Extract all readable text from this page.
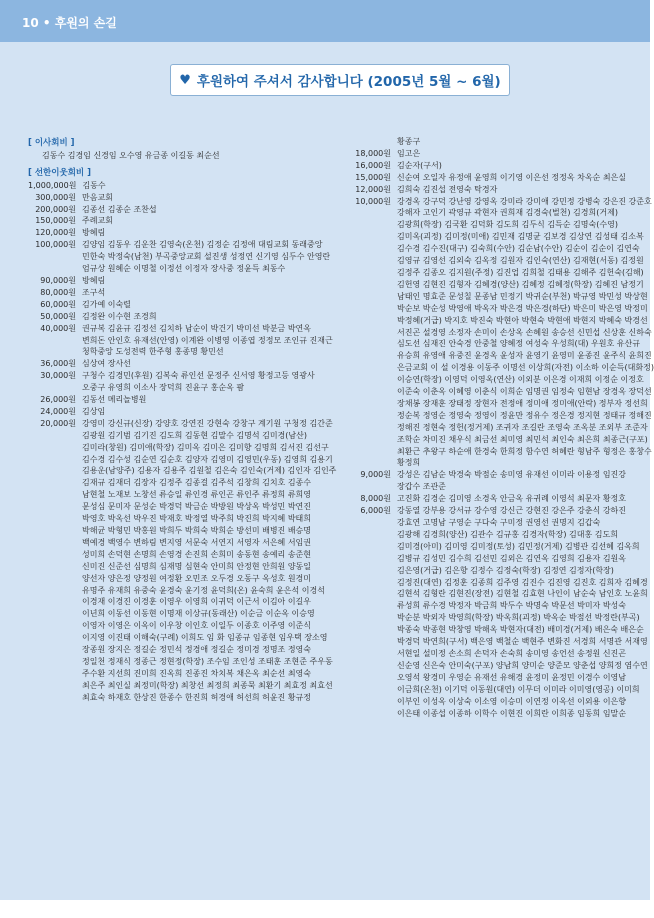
10 • 후원의 손길
♥ 후원하여 주셔서 감사합니다 (2005년 5월 ~ 6월)
[ 이사회비 ]
김동수 김경임 신경임 오수영 유금종 이길동 최순선
[ 선한이웃회비 ]
1,000,000원 김동수
300,000원 만음교회
200,000원 김종선 김종순 조찬섭
150,000원 주례교회
120,000원 방혜림
100,000원 김양임 김동우 김운찬 김영숙(온천) 김정순 김정애 대림교회 동래중앙
민한숙 박정숙(남천) 부곡중앙교회 설진생 성정연 신기영 심두수 안영란
엄규상 원혜순 이명철 이정선 이정자 장사중 정윤득 최동수
90,000원 방혜림
80,000원 조구석
60,000원 김가예 이숙렬
50,000원 김정완 이수현 조경희
40,000원 권규복 김윤규 김정선 김치하 남순이 박건기 박미선 박분금 박연옥
변희돈 안인호 유재선(안영) 이계완 이병영 이종엽 정정모 조인규 진재근
청학중앙 도성전력 한주형 홍종명 황민선
36,000원 심상여 장사선
30,000원 구청수 김경민(후원) 김복숙 류인선 문정주 신서영 황정고등 영광사
오중구 유영희 이소사 장덕희 진윤구 홍순옥 팜
26,000원 김동선 메리놀병원
24,000원 김상임
20,000원 강영미 강신규(신장) 강양호 강연진 강현숙 강창구 계기원 구청정 김간준
김광원 김기범 김기진 김도희 김동현 김말수 김명석 김미경(남산)
김미라(창원) 김미애(학장) 김미옥 김미은 김미향 김명희 김서진 김선구
김수경 김수성 김순연 김순호 김양자 김영미 김영민(우동) 김영희 김용기
김용운(남양주) 김용자 김용주 김원철 김은숙 김인숙(거제) 김인자 김인주
김재규 김재더 김장자 김정주 김종걸 김주석 김창희 김치호 김종수
남현철 노재보 노창선 류승일 류인경 류인곤 류인주 류정희 류희영
문성심 문미자 문성순 박경덕 박금순 박방원 박상옥 박성민 박연진
박영호 박옥선 박우진 박재호 박정열 박주희 박진희 박지혜 박태희
박해균 박형민 박홍원 박희두 박희숙 박희순 방선미 배병진 배승명
백예경 백영수 변하림 변지영 서문숙 서연지 서영자 서은혜 서임권
성미희 손덕현 손명희 손영경 손진희 손희미 송동현 송예리 송준현
신미진 신준선 심명희 심재명 심현숙 안미희 안정현 안희원 양동일
양선자 양은정 양정원 여정환 오민조 오두경 오동구 옥성호 원경미
유명주 유재희 유중숙 윤경숙 윤기정 윤덕희(온) 윤숙희 윤은석 이경석
이경재 이경진 이경훈 이영우 이영희 이귀덕 이근서 이김아 이길우
이년희 이동선 이동현 이명재 이상규(동래산) 이순금 이순옥 이승영
이영자 이영은 이옥이 이우창 이인호 이일두 이종호 이주영 이준식
이지영 이진태 이해숙(구례) 이희도 임 화 임종규 임종현 임우택 장소영
장종원 장지은 정길순 정민석 정경애 정길순 정미경 정명조 정영숙
정일천 정재식 정종근 정현정(학장) 조수임 조인성 조태훈 조현준 주우동
주수환 지선희 진미희 진옥희 진종진 차치복 채은옥 최순선 최영숙
최은주 최인실 최정미(학장) 최창선 최정희 최종묵 최환기 최효정 최효선
최효숙 하재호 한상진 한종수 한진희 허경애 허선희 허윤진 황규정
황종구
18,000원 임고은
16,000원 김순자(구서)
15,000원 신순여 오일자 유정애 윤영희 이기영 이은선 정정옥 차옥순 최은실
12,000원 김희숙 김진섭 전영숙 탁경자
10,000원 강경옥 강구덕 강난영 강영옥 강미라 강미애 강민정 강병숙 강은진 강준호
강해자 고인기 곽영규 곽현자 권희재 김경숙(벌천) 김경희(거제)
김광희(학장) 김국환 김덕화 김도희 김두식 김득순 김명숙(수영)
김미옥(괴정) 김미정(미애) 김민재 김명균 김보경 김상연 김성태 김소복
김수경 김수진(대구) 김숙희(수안) 김순남(수안) 김순이 김순이 김연숙
김영규 김영선 김외숙 김옥정 김원자 김인숙(연산) 김재현(서동) 김정원
김정주 김종오 김지원(주정) 김진업 김희철 김태용 김해주 김헌숙(김해)
김헌영 김현진 김형자 김혜경(양산) 김혜정 김혜정(학장) 김혜진 남정기
남태인 명효준 문성칠 문종남 민정기 박귀순(부천) 박규영 박민성 박상현
박순보 박순성 박영애 박옥자 박은경 박은경(하단) 박은미 박은영 박정미
박정혜(거급) 박지호 박진숙 박현아 박현숙 박현애 박현지 박혜숙 박경선
서진곤 설경영 소정자 손미이 손상옥 손혜원 송승선 신민섭 신상훈 신하숙
심도선 심재진 안숙경 안중철 양혜정 여성숙 우성희(대) 우원호 유산규
유승희 유영애 유중진 윤경옥 윤성자 윤영기 윤영미 윤종진 윤주식 윤희진
은금교회 이 설 이경용 이동주 이명선 이상희(자전) 이소하 이순득(대화정)
이승연(학장) 이영덕 이영옥(연산) 이외분 이은경 이재희 이정순 이정호
이준숙 이춘옥 이혜영 이춘식 이희순 임명권 임정숙 임현남 장경옥 장덕선
장채봉 장재훈 장태정 장현자 전정애 정미애 정미애(안락) 정부자 정선희
정순복 정영순 정영숙 정영이 정윤만 정유수 정은경 정지현 정태규 정해진
정해진 정현숙 정헌(정거제) 조귀자 조길란 조영숙 조옥분 조외부 조준자
조학순 차미진 채우식 최금선 최미영 최민석 최인숙 최은희 최종근(구포)
최환근 추왕구 하순애 한경숙 한희정 함수연 허혜란 형남주 형정은 홍창수
황정희
9,000원 강성은 김남순 박경숙 박점순 송미영 유재선 이미라 이용정 임진강
장갑수 조관준
8,000원 고진화 김경순 김미영 소경옥 안금옥 유귀례 이영석 최문자 황정호
6,000원 강동열 강부용 강서규 강수영 강신근 강현진 강은주 강춘식 강하진
강효연 고명남 구영순 구다숙 구미정 권영선 권명지 김갑숙
김광해 김경희(양산) 김관수 김규홍 김경자(학장) 김대홍 김도희
김미경(아미) 김미영 김미정(토성) 김민정(거제) 김병관 김선혜 김옥희
김병규 김성민 김수희 김선민 김외은 김연옥 김영희 김용자 김원옥
김은영(거급) 김은향 김정수 김정숙(학장) 김정연 김정자(학장)
김정진(대연) 김정훈 김종희 김주영 김진수 김진영 김진호 김희자 김혜경
김현석 김형란 김현진(장전) 김현철 김효현 나인이 남순숙 남인호 노윤희
류성희 류수경 박정자 박금희 박두수 박명숙 박문선 박미자 박성숙
박순분 박외자 박영희(학장) 박옥희(괴정) 박옥순 박점선 박정란(부곡)
박종숙 박종현 박창영 박해옥 박현자(대전) 배미경(거제) 배은숙 배은순
박경덕 박연희(구서) 백은영 백철순 백현주 변화진 서경희 서명관 서재영
서현일 설미정 손소희 손덕자 손숙희 송미영 송언선 송정원 신진곤
신순영 신은숙 안미숙(구포) 양남희 양미순 양준모 양춘섭 양희정 염수연
오영석 왕경미 우영순 유재선 유해경 윤정미 윤정민 이경수 이영남
이금희(온천) 이기덕 이동원(대연) 이무더 이미라 이미영(영공) 이미희
이부인 이성옥 이상숙 이소영 이승미 이연정 이옥선 이외용 이은향
이은태 이종섭 이종하 이학수 이현진 이희란 이희종 임동희 임말순
